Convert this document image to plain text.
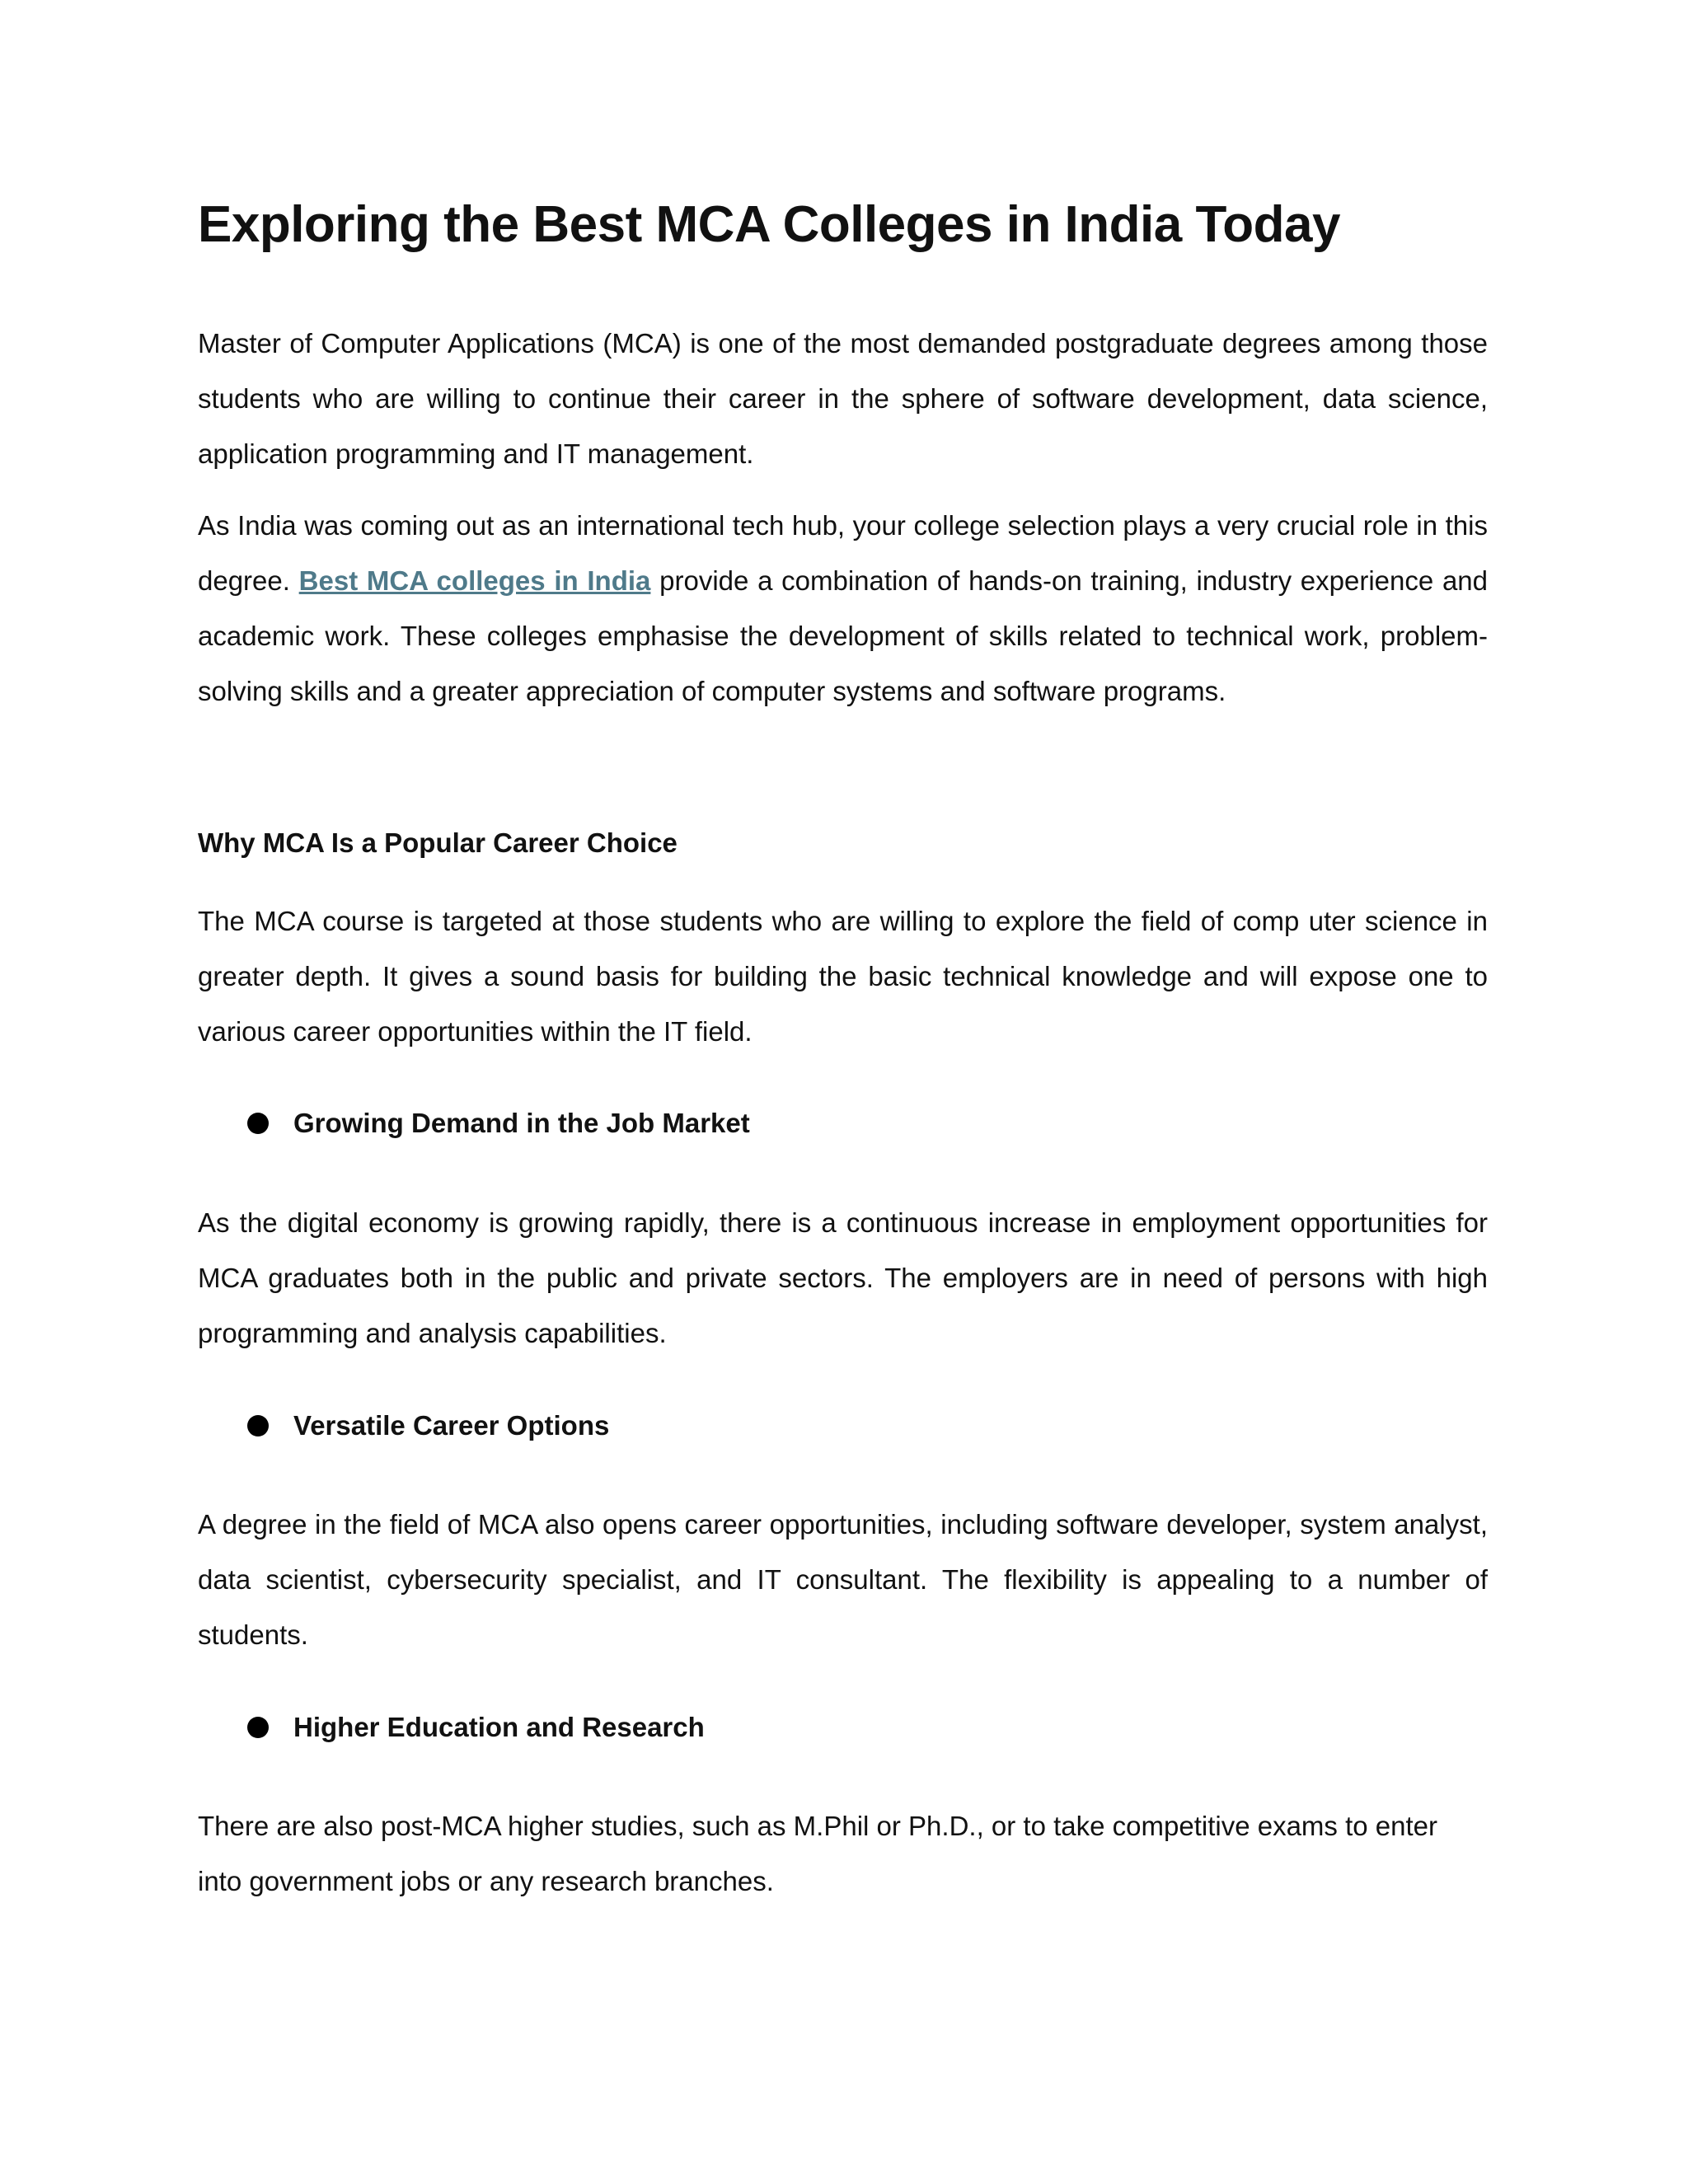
Exploring the Best MCA Colleges in India Today

Master of Computer Applications (MCA) is one of the most demanded postgraduate degrees among those students who are willing to continue their career in the sphere of software development, data science, application programming and IT management.

As India was coming out as an international tech hub, your college selection plays a very crucial role in this degree. Best MCA colleges in India provide a combination of hands-on training, industry experience and academic work. These colleges emphasise the development of skills related to technical work, problem-solving skills and a greater appreciation of computer systems and software programs.

Why MCA Is a Popular Career Choice

The MCA course is targeted at those students who are willing to explore the field of comp uter science in greater depth. It gives a sound basis for building the basic technical knowledge and will expose one to various career opportunities within the IT field.

Growing Demand in the Job Market

As the digital economy is growing rapidly, there is a continuous increase in employment opportunities for MCA graduates both in the public and private sectors. The employers are in need of persons with high programming and analysis capabilities.

Versatile Career Options

A degree in the field of MCA also opens career opportunities, including software developer, system analyst, data scientist, cybersecurity specialist, and IT consultant. The flexibility is appealing to a number of students.

Higher Education and Research

There are also post-MCA higher studies, such as M.Phil or Ph.D., or to take competitive exams to enter into government jobs or any research branches.
